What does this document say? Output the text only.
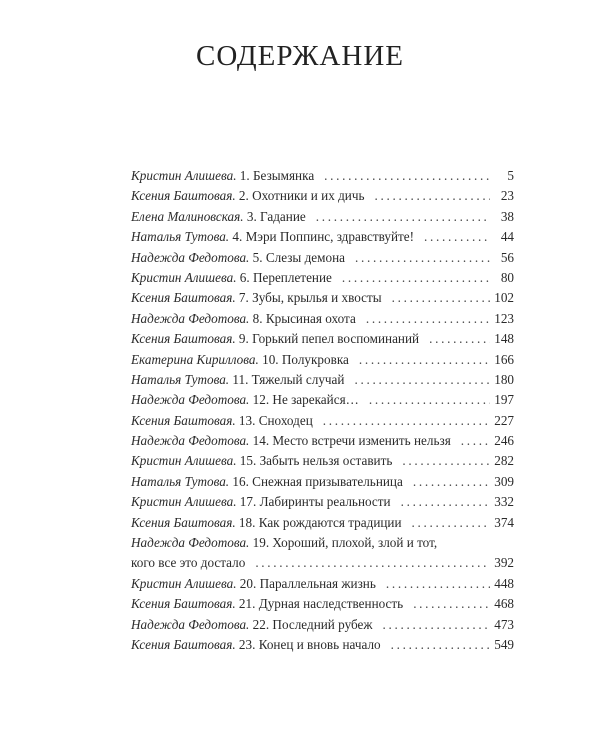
СОДЕРЖАНИЕ
Кристин Алишева.
1. Безымянка . . .	5
Ксения Баштовая.
2. Охотники и их дичь . . .	23
Елена Малиновская.
3. Гадание . . .	38
Наталья Тутова.
4. Мэри Поппинс, здравствуйте! . . .	44
Надежда Федотова.
5. Слезы демона . . .	56
Кристин Алишева.
6. Переплетение . . .	80
Ксения Баштовая.
7. Зубы, крылья и хвосты . . .	102
Надежда Федотова.
8. Крысиная охота . . .	123
Ксения Баштовая.
9. Горький пепел воспоминаний . . .	148
Екатерина Кириллова.
10. Полукровка . . .	166
Наталья Тутова.
11. Тяжелый случай . . .	180
Надежда Федотова.
12. Не зарекайся… . . .	197
Ксения Баштовая.
13. Сноходец . . .	227
Надежда Федотова.
14. Место встречи изменить нельзя . . .	246
Кристин Алишева.
15. Забыть нельзя оставить . . .	282
Наталья Тутова.
16. Снежная призывательница . . .	309
Кристин Алишева.
17. Лабиринты реальности . . .	332
Ксения Баштовая.
18. Как рождаются традиции . . .	374
Надежда Федотова.
19. Хороший, плохой, злой и тот,
кого все это достало . . .	392
Кристин Алишева.
20. Параллельная жизнь . . .	448
Ксения Баштовая.
21. Дурная наследственность . . .	468
Надежда Федотова.
22. Последний рубеж . . .	473
Ксения Баштовая.
23. Конец и вновь начало . . .	549
